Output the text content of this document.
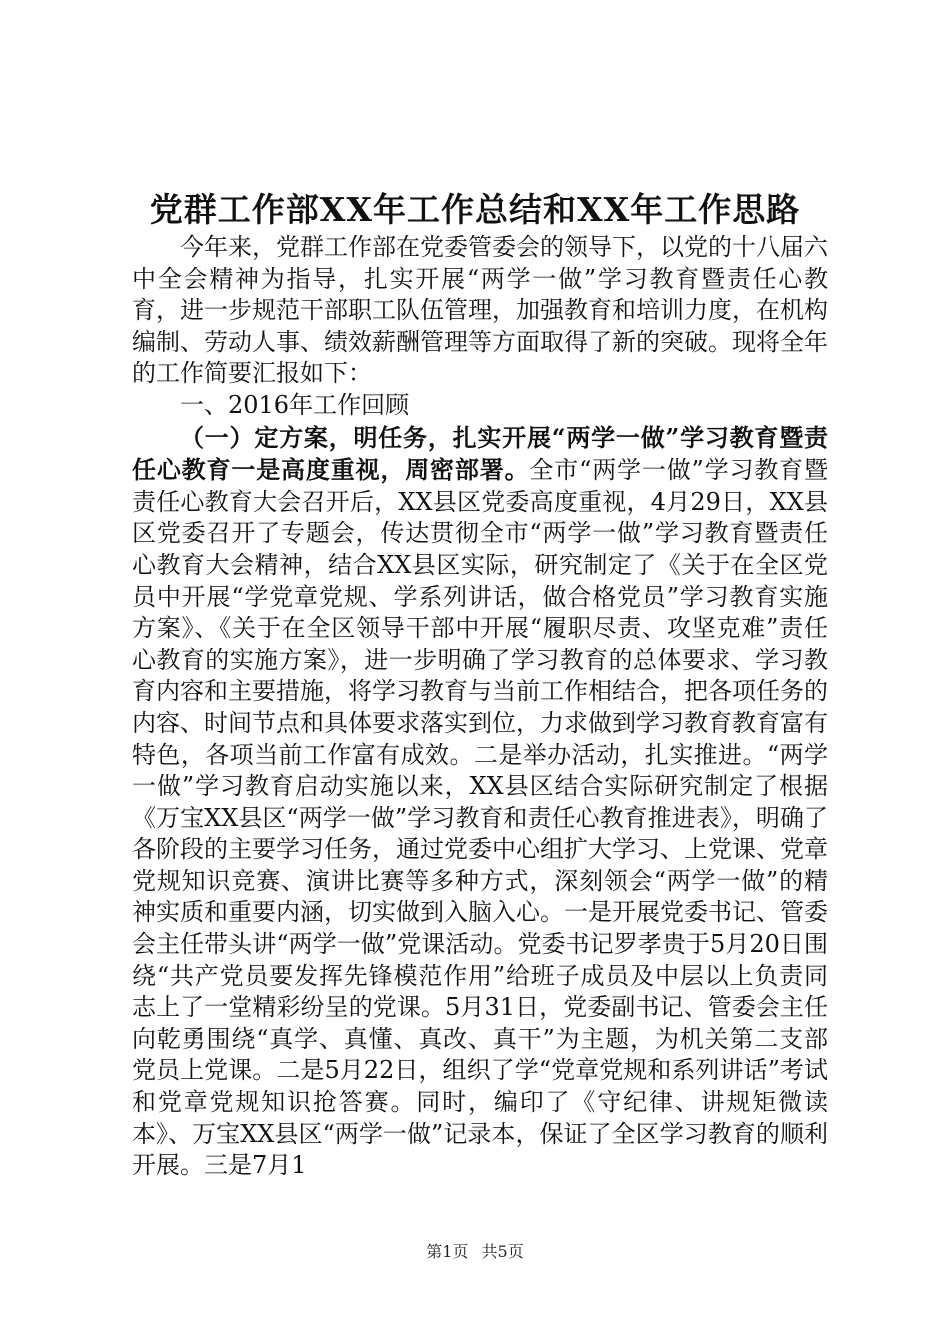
党群工作部XX年工作总结和XX年工作思路

今年来，党群工作部在党委管委会的领导下，以党的十八届六中全会精神为指导，扎实开展“两学一做”学习教育暨责任心教育，进一步规范干部职工队伍管理，加强教育和培训力度，在机构编制、劳动人事、绩效薪酬管理等方面取得了新的突破。现将全年的工作简要汇报如下：

一、2016年工作回顾

（一）定方案，明任务，扎实开展“两学一做”学习教育暨责任心教育一是高度重视，周密部署。全市“两学一做”学习教育暨责任心教育大会召开后，XX县区党委高度重视，4月29日，XX县区党委召开了专题会，传达贯彻全市“两学一做”学习教育暨责任心教育大会精神，结合XX县区实际，研究制定了《关于在全区党员中开展“学党章党规、学系列讲话，做合格党员”学习教育实施方案》、《关于在全区领导干部中开展“履职尽责、攻坚克难”责任心教育的实施方案》，进一步明确了学习教育的总体要求、学习教育内容和主要措施，将学习教育与当前工作相结合，把各项任务的内容、时间节点和具体要求落实到位，力求做到学习教育教育富有特色，各项当前工作富有成效。二是举办活动，扎实推进。“两学一做”学习教育启动实施以来，XX县区结合实际研究制定了根据《万宝XX县区“两学一做”学习教育和责任心教育推进表》，明确了各阶段的主要学习任务，通过党委中心组扩大学习、上党课、党章党规知识竞赛、演讲比赛等多种方式，深刻领会“两学一做”的精神实质和重要内涵，切实做到入脑入心。一是开展党委书记、管委会主任带头讲“两学一做”党课活动。党委书记罗孝贵于5月20日围绕“共产党员要发挥先锋模范作用”给班子成员及中层以上负责同志上了一堂精彩纷呈的党课。5月31日，党委副书记、管委会主任向乾勇围绕“真学、真懂、真改、真干”为主题，为机关第二支部党员上党课。二是5月22日，组织了学“党章党规和系列讲话”考试和党章党规知识抢答赛。同时，编印了《守纪律、讲规矩微读本》、万宝XX县区“两学一做”记录本，保证了全区学习教育的顺利开展。三是7月1

第1页 共5页
